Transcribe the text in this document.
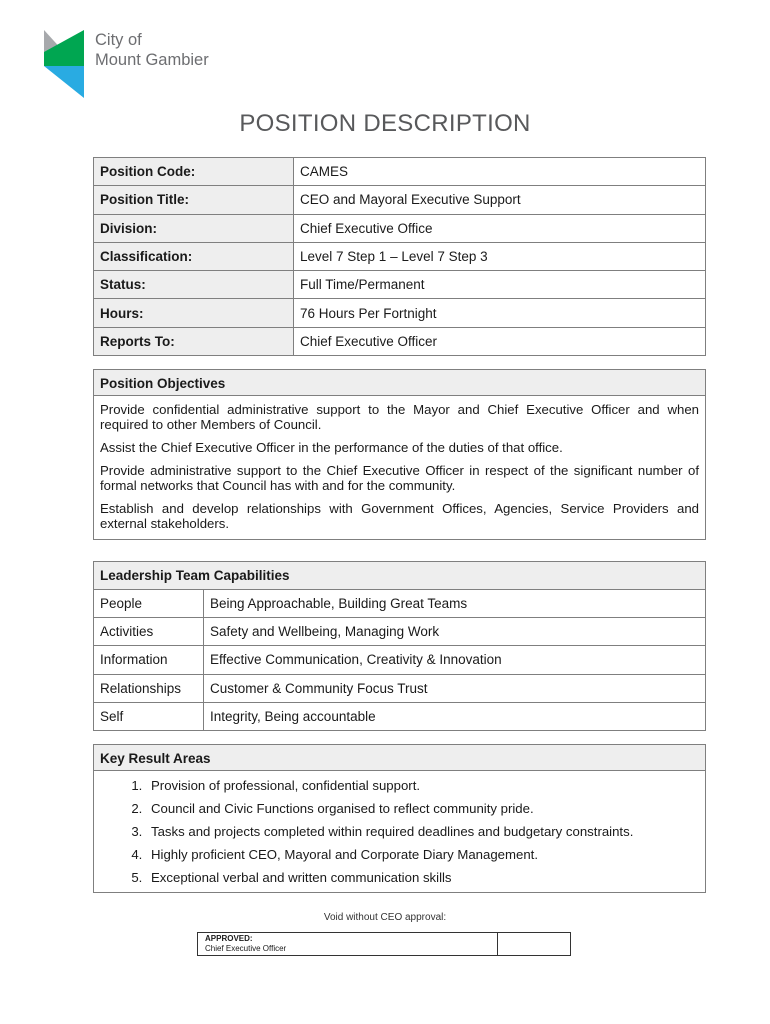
City of
Mount Gambier
POSITION DESCRIPTION
Position Code:	CAMES
Position Title:	CEO and Mayoral Executive Support
Division:	Chief Executive Office
Classification:	Level 7 Step 1 – Level 7 Step 3
Status:	Full Time/Permanent
Hours:	76 Hours Per Fortnight
Reports To:	Chief Executive Officer
Position Objectives

Provide confidential administrative support to the Mayor and Chief Executive Officer and when required to other Members of Council.

Assist the Chief Executive Officer in the performance of the duties of that office.

Provide administrative support to the Chief Executive Officer in respect of the significant number of formal networks that Council has with and for the community.

Establish and develop relationships with Government Offices, Agencies, Service Providers and external stakeholders.

Leadership Team Capabilities	
People	Being Approachable, Building Great Teams
Activities	Safety and Wellbeing, Managing Work
Information	Effective Communication, Creativity & Innovation
Relationships	Customer & Community Focus Trust
Self	Integrity, Being accountable
Key Result Areas
1. Provision of professional, confidential support.
2. Council and Civic Functions organised to reflect community pride.
3. Tasks and projects completed within required deadlines and budgetary constraints.
4. Highly proficient CEO, Mayoral and Corporate Diary Management.
5. Exceptional verbal and written communication skills
Void without CEO approval:
APPROVED:
Chief Executive Officer
